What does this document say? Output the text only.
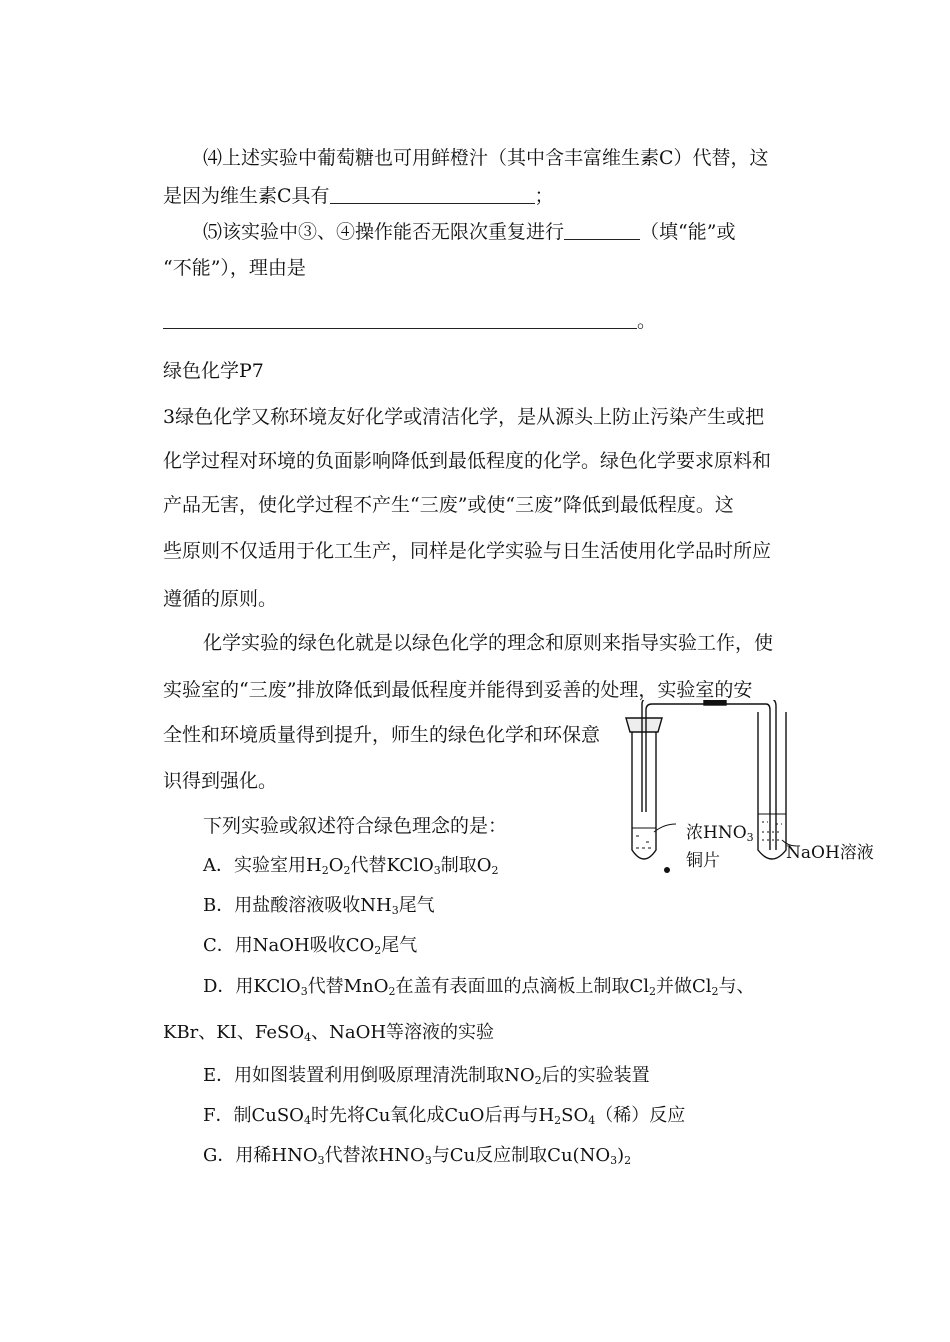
⑷上述实验中葡萄糖也可用鲜橙汁（其中含丰富维生素C）代替，这
是因为维生素C具有	；
⑸该实验中③、④操作能否无限次重复进行	（填“能”或
“不能”），理由是
。
绿色化学P7
3绿色化学又称环境友好化学或清洁化学，是从源头上防止污染产生或把
化学过程对环境的负面影响降低到最低程度的化学。绿色化学要求原料和
产品无害，使化学过程不产生“三废”或使“三废”降低到最低程度。这
些原则不仅适用于化工生产，同样是化学实验与日生活使用化学品时所应
遵循的原则。
化学实验的绿色化就是以绿色化学的理念和原则来指导实验工作，使
实验室的“三废”排放降低到最低程度并能得到妥善的处理，实验室的安
全性和环境质量得到提升，师生的绿色化学和环保意
识得到强化。
下列实验或叙述符合绿色理念的是：
A．实验室用$H_2O_2$代替KClO$_3$制取$O_2$
B．用盐酸溶液吸收$NH_3$尾气
C．用NaOH吸收$CO_2$尾气
D．用KClO$_3$代替MnO$_2$在盖有表面皿的点滴板上制取$Cl_2$并做$Cl_2$与、
KBr、KI、FeSO$_4$、NaOH等溶液的实验
E．用如图装置利用倒吸原理清洗制取$NO_2$后的实验装置
F．制CuSO$_4$时先将Cu氧化成CuO后再与$H_2SO_4$（稀）反应
G．用稀$HNO_3$代替浓$HNO_3$与Cu反应制取$Cu(NO_3)_2$
浓$HNO_3$
铜片	NaOH溶液
